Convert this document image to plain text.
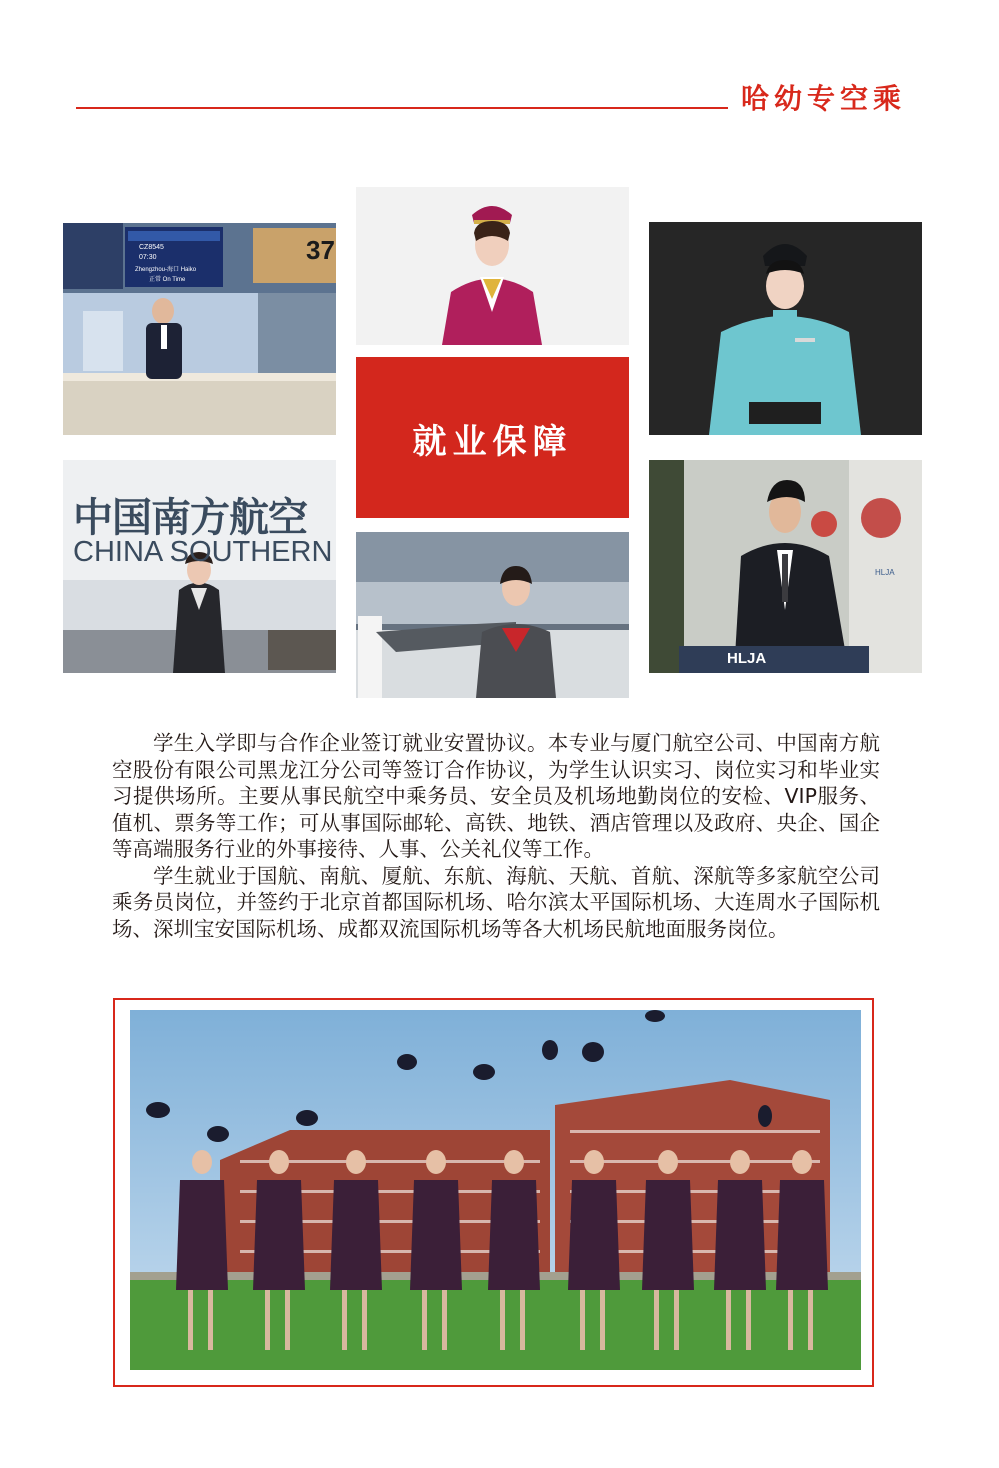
哈幼专空乘
CZ8545
07:30
Zhengzhou-海口 Haiko
正常 On Time
37
就业保障
中国南方航空
CHINA SOUTHERN
HLJA
HLJA

学生入学即与合作企业签订就业安置协议。本专业与厦门航空公司、中国南方航空股份有限公司黑龙江分公司等签订合作协议，为学生认识实习、岗位实习和毕业实习提供场所。主要从事民航空中乘务员、安全员及机场地勤岗位的安检、VIP服务、值机、票务等工作；可从事国际邮轮、高铁、地铁、酒店管理以及政府、央企、国企等高端服务行业的外事接待、人事、公关礼仪等工作。

学生就业于国航、南航、厦航、东航、海航、天航、首航、深航等多家航空公司乘务员岗位，并签约于北京首都国际机场、哈尔滨太平国际机场、大连周水子国际机场、深圳宝安国际机场、成都双流国际机场等各大机场民航地面服务岗位。
